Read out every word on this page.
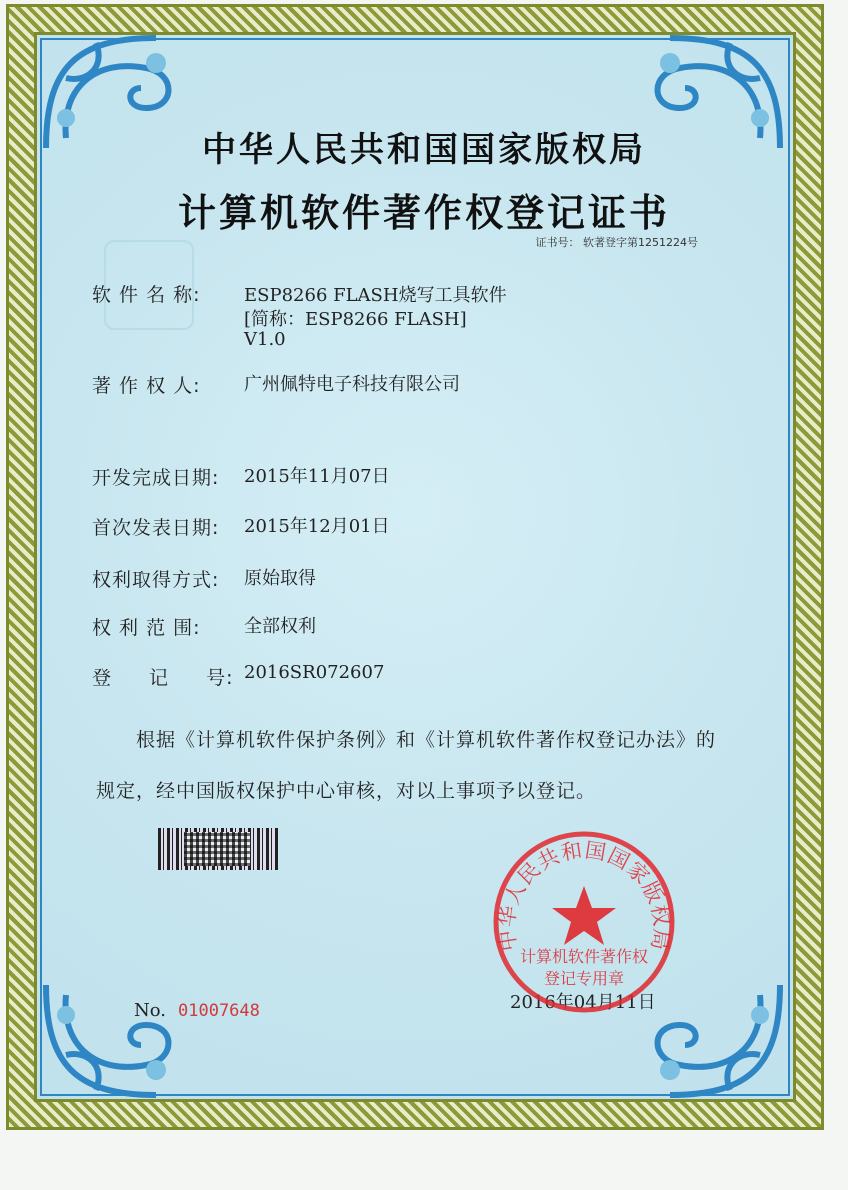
中华人民共和国国家版权局
计算机软件著作权登记证书
证书号： 软著登字第1251224号
软 件 名 称: ESP8266 FLASH烧写工具软件
[简称：ESP8266 FLASH]
V1.0
著 作 权 人: 广州佩特电子科技有限公司
开发完成日期: 2015年11月07日
首次发表日期: 2015年12月01日
权利取得方式: 原始取得
权 利 范 围: 全部权利
登 记 号: 2016SR072607
根据《计算机软件保护条例》和《计算机软件著作权登记办法》的
规定，经中国版权保护中心审核，对以上事项予以登记。
No. 01007648	2016年04月11日
中华人民共和国国家版权局
计算机软件著作权
登记专用章
